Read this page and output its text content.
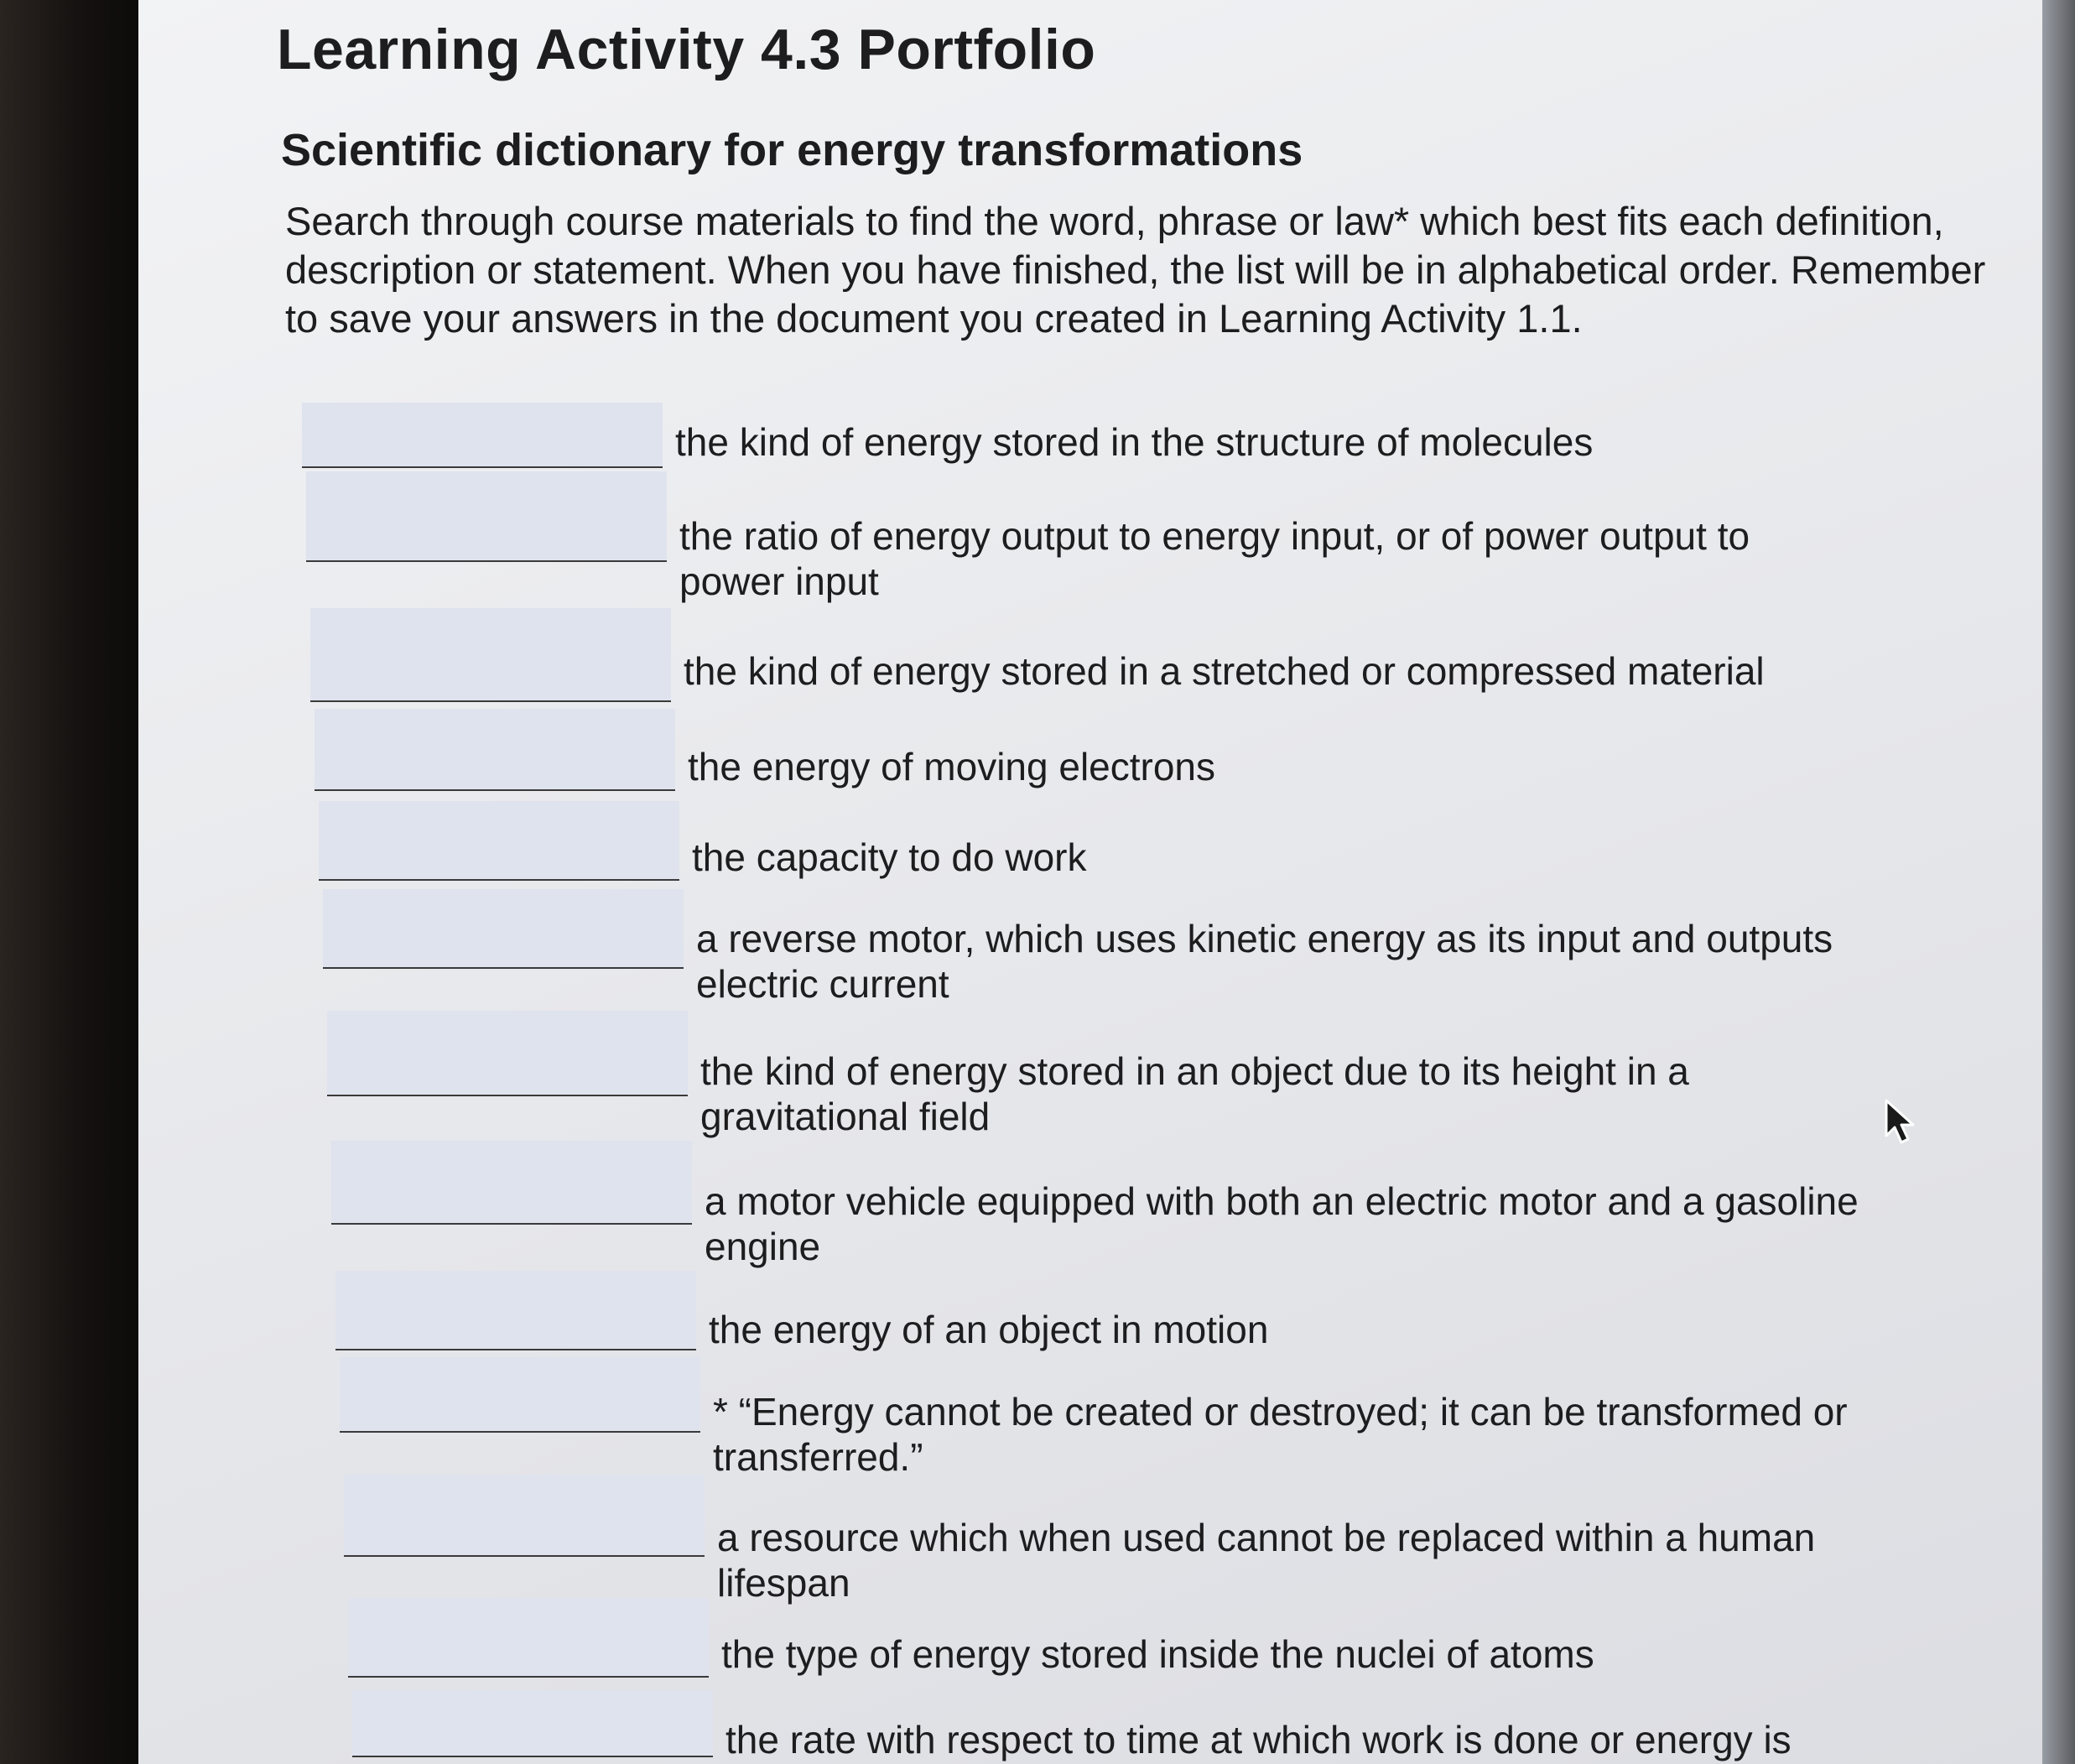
Learning Activity 4.3 Portfolio
Scientific dictionary for energy transformations

Search through course materials to find the word, phrase or law* which best fits each definition, description or statement. When you have finished, the list will be in alphabetical order. Remember to save your answers in the document you created in Learning Activity 1.1.

the kind of energy stored in the structure of molecules
the ratio of energy output to energy input, or of power output to power input
the kind of energy stored in a stretched or compressed material
the energy of moving electrons
the capacity to do work
a reverse motor, which uses kinetic energy as its input and outputs electric current
the kind of energy stored in an object due to its height in a gravitational field
a motor vehicle equipped with both an electric motor and a gasoline engine
the energy of an object in motion
* “Energy cannot be created or destroyed; it can be transformed or transferred.”
a resource which when used cannot be replaced within a human lifespan
the type of energy stored inside the nuclei of atoms
the rate with respect to time at which work is done or energy is
